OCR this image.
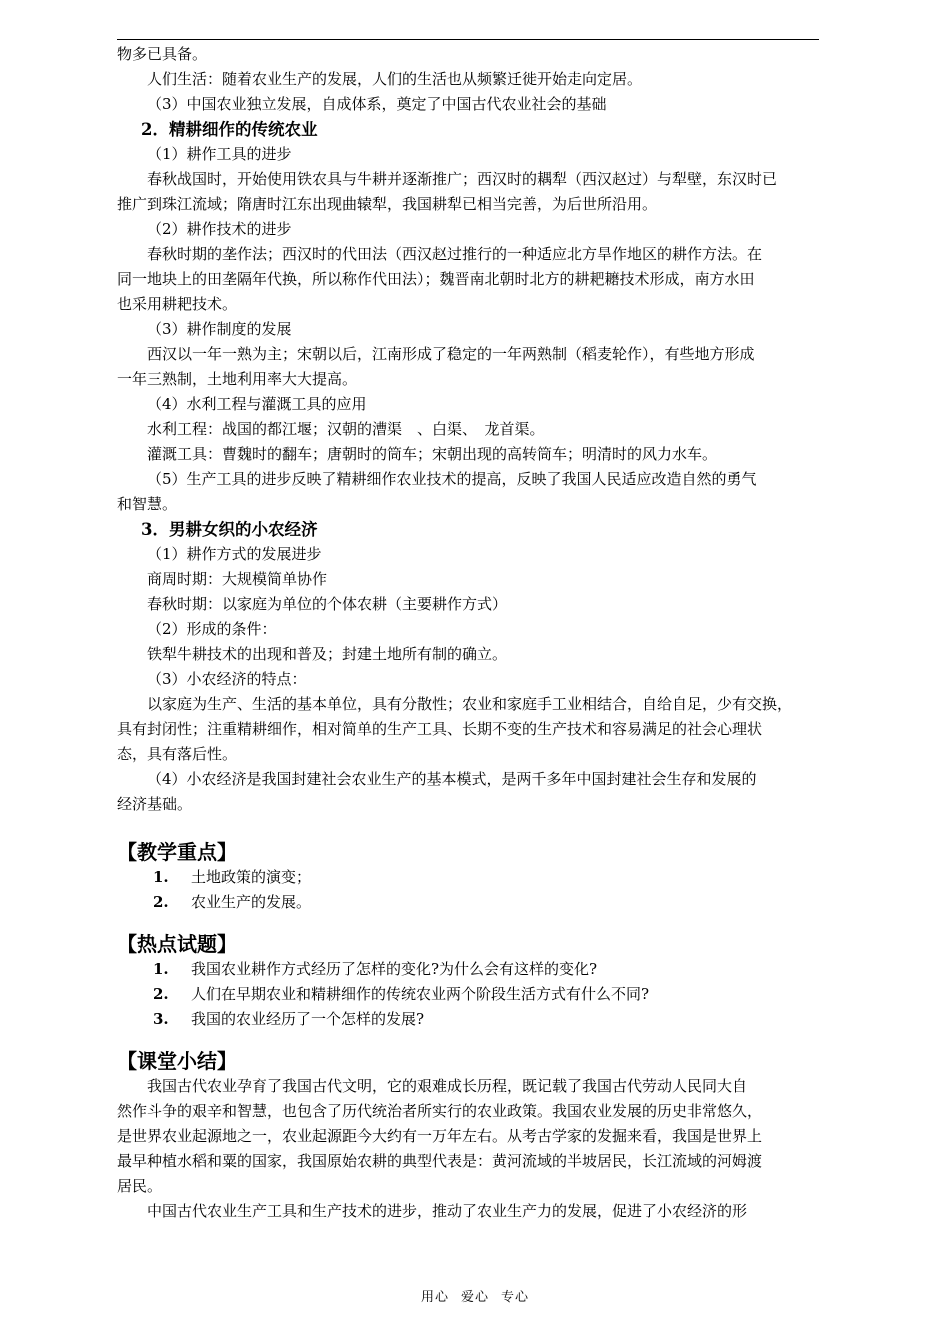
物多已具备。
人们生活：随着农业生产的发展，人们的生活也从频繁迁徙开始走向定居。
（3）中国农业独立发展，自成体系，奠定了中国古代农业社会的基础
2．精耕细作的传统农业
（1）耕作工具的进步
春秋战国时，开始使用铁农具与牛耕并逐渐推广；西汉时的耦犁（西汉赵过）与犁壁，东汉时已
推广到珠江流域；隋唐时江东出现曲辕犁，我国耕犁已相当完善，为后世所沿用。
（2）耕作技术的进步
春秋时期的垄作法；西汉时的代田法（西汉赵过推行的一种适应北方旱作地区的耕作方法。在
同一地块上的田垄隔年代换，所以称作代田法）；魏晋南北朝时北方的耕耙耱技术形成，南方水田
也采用耕耙技术。
（3）耕作制度的发展
西汉以一年一熟为主；宋朝以后，江南形成了稳定的一年两熟制（稻麦轮作），有些地方形成
一年三熟制，土地利用率大大提高。
（4）水利工程与灌溉工具的应用
水利工程：战国的都江堰；汉朝的漕渠　、白渠、　龙首渠。
灌溉工具：曹魏时的翻车；唐朝时的筒车；宋朝出现的高转筒车；明清时的风力水车。
（5）生产工具的进步反映了精耕细作农业技术的提高，反映了我国人民适应改造自然的勇气
和智慧。
3．男耕女织的小农经济
（1）耕作方式的发展进步
商周时期：大规模简单协作
春秋时期：以家庭为单位的个体农耕（主要耕作方式）
（2）形成的条件：
铁犁牛耕技术的出现和普及；封建土地所有制的确立。
（3）小农经济的特点：
以家庭为生产、生活的基本单位，具有分散性；农业和家庭手工业相结合，自给自足，少有交换，
具有封闭性；注重精耕细作，相对简单的生产工具、长期不变的生产技术和容易满足的社会心理状
态，具有落后性。
（4）小农经济是我国封建社会农业生产的基本模式，是两千多年中国封建社会生存和发展的
经济基础。
【教学重点】
1. 土地政策的演变；
2. 农业生产的发展。
【热点试题】
1. 我国农业耕作方式经历了怎样的变化?为什么会有这样的变化?
2. 人们在早期农业和精耕细作的传统农业两个阶段生活方式有什么不同?
3. 我国的农业经历了一个怎样的发展?
【课堂小结】
我国古代农业孕育了我国古代文明，它的艰难成长历程，既记载了我国古代劳动人民同大自
然作斗争的艰辛和智慧，也包含了历代统治者所实行的农业政策。我国农业发展的历史非常悠久，
是世界农业起源地之一，农业起源距今大约有一万年左右。从考古学家的发掘来看，我国是世界上
最早种植水稻和粟的国家，我国原始农耕的典型代表是：黄河流域的半坡居民，长江流域的河姆渡
居民。
中国古代农业生产工具和生产技术的进步，推动了农业生产力的发展，促进了小农经济的形
用心 爱心 专心
